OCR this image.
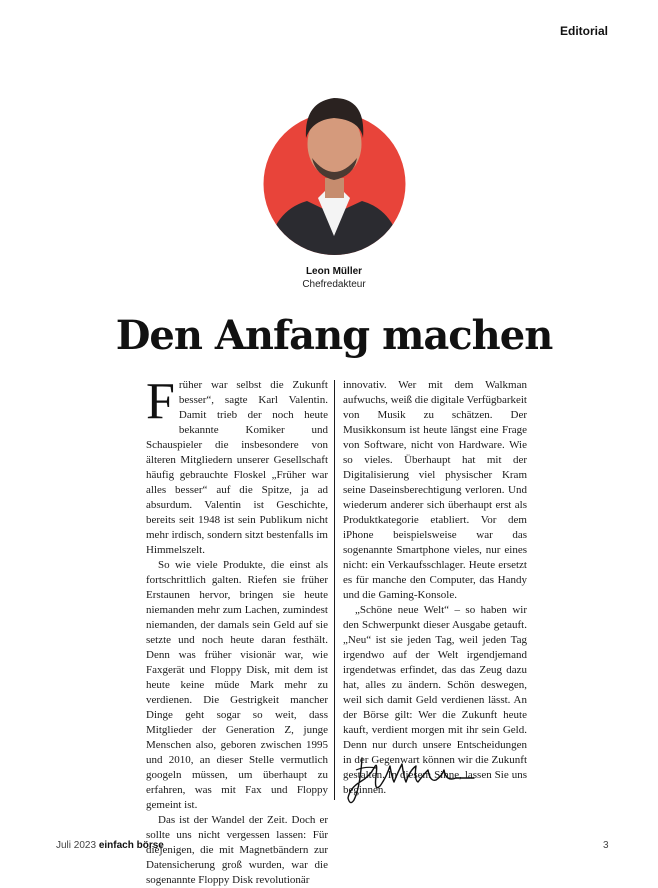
Editorial
Leon Müller
Chefredakteur
Den Anfang machen

Früher war selbst die Zukunft besser“, sagte Karl Valentin. Damit trieb der noch heute bekannte Komiker und Schauspieler die insbesondere von älteren Mitgliedern unserer Gesellschaft häufig gebrauchte Floskel „Früher war alles besser“ auf die Spitze, ja ad absurdum. Valentin ist Geschichte, bereits seit 1948 ist sein Publikum nicht mehr irdisch, sondern sitzt bestenfalls im Himmelszelt.

So wie viele Produkte, die einst als fortschrittlich galten. Riefen sie früher Erstaunen hervor, bringen sie heute niemanden mehr zum Lachen, zumindest niemanden, der damals sein Geld auf sie setzte und noch heute daran festhält. Denn was früher visionär war, wie Faxgerät und Floppy Disk, mit dem ist heute keine müde Mark mehr zu verdienen. Die Gestrigkeit mancher Dinge geht sogar so weit, dass Mitglieder der Generation Z, junge Menschen also, geboren zwischen 1995 und 2010, an dieser Stelle vermutlich googeln müssen, um überhaupt zu erfahren, was mit Fax und Floppy gemeint ist.

Das ist der Wandel der Zeit. Doch er sollte uns nicht vergessen lassen: Für diejenigen, die mit Magnetbändern zur Datensicherung groß wurden, war die sogenannte Floppy Disk revolutionär

innovativ. Wer mit dem Walkman aufwuchs, weiß die digitale Verfügbarkeit von Musik zu schätzen. Der Musikkonsum ist heute längst eine Frage von Software, nicht von Hardware. Wie so vieles. Überhaupt hat mit der Digitalisierung viel physischer Kram seine Daseinsberechtigung verloren. Und wiederum anderer sich überhaupt erst als Produktkategorie etabliert. Vor dem iPhone beispielsweise war das sogenannte Smartphone vieles, nur eines nicht: ein Verkaufsschlager. Heute ersetzt es für manche den Computer, das Handy und die Gaming-Konsole.

„Schöne neue Welt“ – so haben wir den Schwerpunkt dieser Ausgabe getauft. „Neu“ ist sie jeden Tag, weil jeden Tag irgendwo auf der Welt irgendjemand irgendetwas erfindet, das das Zeug dazu hat, alles zu ändern. Schön deswegen, weil sich damit Geld verdienen lässt. An der Börse gilt: Wer die Zukunft heute kauft, verdient morgen mit ihr sein Geld. Denn nur durch unsere Entscheidungen in der Gegenwart können wir die Zukunft gestalten. In diesem Sinne, lassen Sie uns beginnen.

Juli 2023 einfach börse	3
